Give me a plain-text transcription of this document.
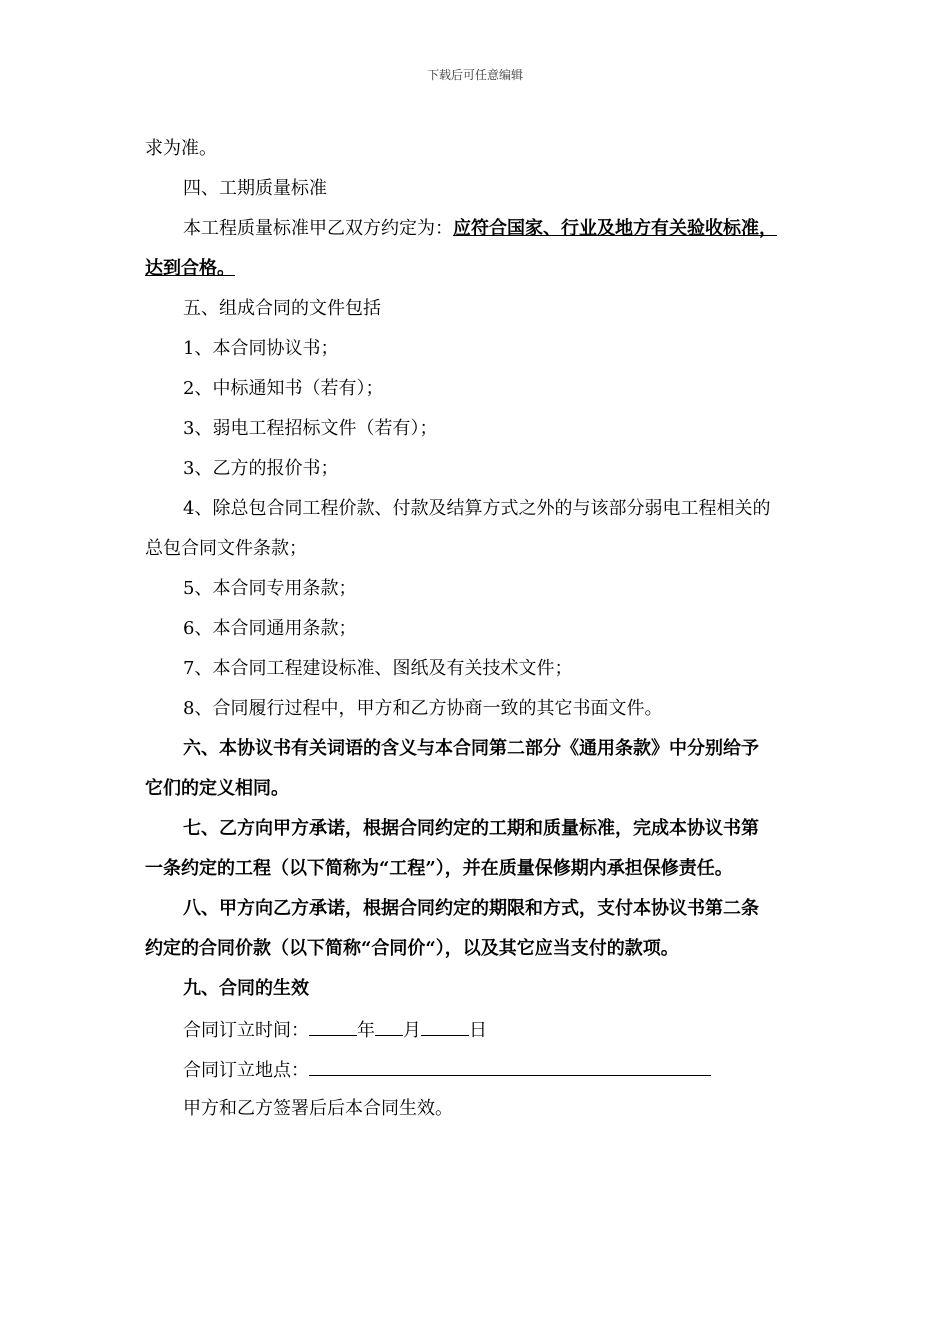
下载后可任意编辑
求为准。
四、工期质量标准
本工程质量标准甲乙双方约定为：应符合国家、行业及地方有关验收标准，
达到合格。
五、组成合同的文件包括
1、本合同协议书；
2、中标通知书（若有）；
3、弱电工程招标文件（若有）；
3、乙方的报价书；
4、除总包合同工程价款、付款及结算方式之外的与该部分弱电工程相关的
总包合同文件条款；
5、本合同专用条款；
6、本合同通用条款；
7、本合同工程建设标准、图纸及有关技术文件；
8、合同履行过程中，甲方和乙方协商一致的其它书面文件。
六、本协议书有关词语的含义与本合同第二部分《通用条款》中分别给予
它们的定义相同。
七、乙方向甲方承诺，根据合同约定的工期和质量标准，完成本协议书第
一条约定的工程（以下简称为“工程”），并在质量保修期内承担保修责任。
八、甲方向乙方承诺，根据合同约定的期限和方式，支付本协议书第二条
约定的合同价款（以下简称“合同价“），以及其它应当支付的款项。
九、合同的生效
合同订立时间：	年 月	日
合同订立地点：
甲方和乙方签署后后本合同生效。
